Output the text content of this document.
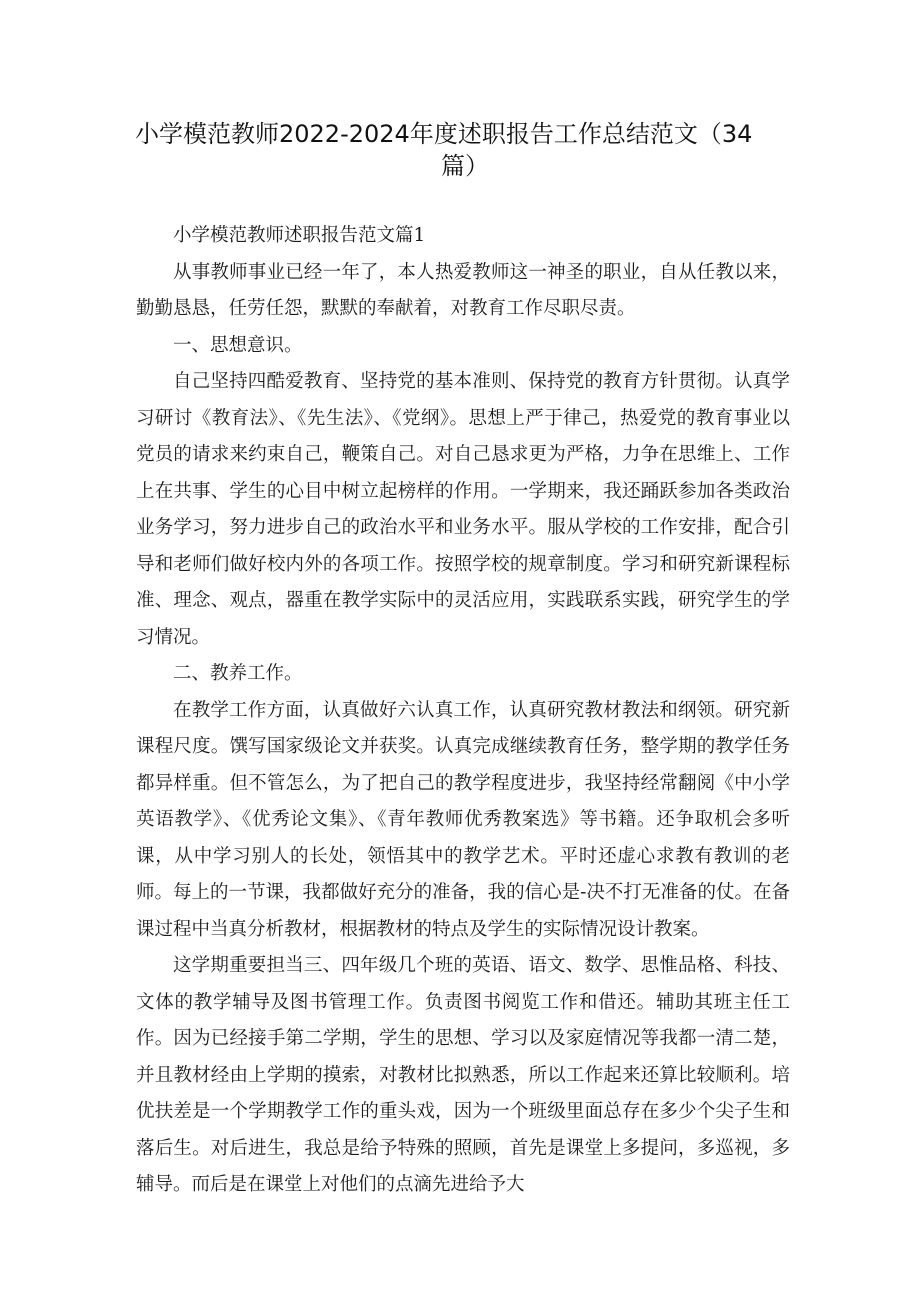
小学模范教师2022-2024年度述职报告工作总结范文（34
篇）

小学模范教师述职报告范文篇1

从事教师事业已经一年了，本人热爱教师这一神圣的职业，自从任教以来，勤勤恳恳，任劳任怨，默默的奉献着，对教育工作尽职尽责。

一、思想意识。

自己坚持四酷爱教育、坚持党的基本准则、保持党的教育方针贯彻。认真学习研讨《教育法》、《先生法》、《党纲》。思想上严于律己，热爱党的教育事业以党员的请求来约束自己，鞭策自己。对自己恳求更为严格，力争在思维上、工作上在共事、学生的心目中树立起榜样的作用。一学期来，我还踊跃参加各类政治业务学习，努力进步自己的政治水平和业务水平。服从学校的工作安排，配合引导和老师们做好校内外的各项工作。按照学校的规章制度。学习和研究新课程标准、理念、观点，器重在教学实际中的灵活应用，实践联系实践，研究学生的学习情况。

二、教养工作。

在教学工作方面，认真做好六认真工作，认真研究教材教法和纲领。研究新课程尺度。馔写国家级论文并获奖。认真完成继续教育任务，整学期的教学任务都异样重。但不管怎么，为了把自己的教学程度进步，我坚持经常翻阅《中小学英语教学》、《优秀论文集》、《青年教师优秀教案选》等书籍。还争取机会多听课，从中学习别人的长处，领悟其中的教学艺术。平时还虚心求教有教训的老师。每上的一节课，我都做好充分的准备，我的信心是-决不打无准备的仗。在备课过程中当真分析教材，根据教材的特点及学生的实际情况设计教案。

这学期重要担当三、四年级几个班的英语、语文、数学、思惟品格、科技、文体的教学辅导及图书管理工作。负责图书阅览工作和借还。辅助其班主任工作。因为已经接手第二学期，学生的思想、学习以及家庭情况等我都一清二楚，并且教材经由上学期的摸索，对教材比拟熟悉，所以工作起来还算比较顺利。培优扶差是一个学期教学工作的重头戏，因为一个班级里面总存在多少个尖子生和落后生。对后进生，我总是给予特殊的照顾，首先是课堂上多提问，多巡视，多辅导。而后是在课堂上对他们的点滴先进给予大
